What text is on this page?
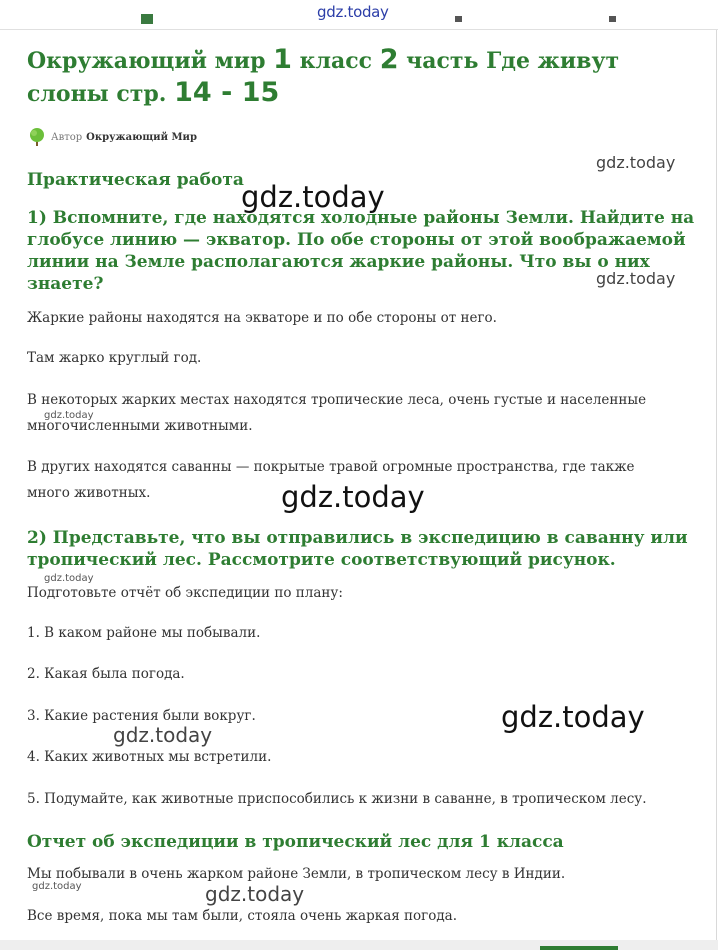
gdz.today
Окружающий мир 1 класс 2 часть Где живут слоны стр. 14 - 15
Автор Окружающий Мир
Практическая работа
1) Вспомните, где находятся холодные районы Земли. Найдите на глобусе линию — экватор. По обе стороны от этой воображаемой линии на Земле располагаются жаркие районы. Что вы о них знаете?

Жаркие районы находятся на экваторе и по обе стороны от него.

Там жарко круглый год.

В некоторых жарких местах находятся тропические леса, очень густые и населенные многочисленными животными.

В других находятся саванны — покрытые травой огромные пространства, где также много животных.

2) Представьте, что вы отправились в экспедицию в саванну или тропический лес. Рассмотрите соответствующий рисунок.

Подготовьте отчёт об экспедиции по плану:

1. В каком районе мы побывали.

2. Какая была погода.

3. Какие растения были вокруг.

4. Каких животных мы встретили.

5. Подумайте, как животные приспособились к жизни в саванне, в тропическом лесу.

Отчет об экспедиции в тропический лес для 1 класса

Мы побывали в очень жарком районе Земли, в тропическом лесу в Индии.

Все время, пока мы там были, стояла очень жаркая погода.

gdz.today
gdz.today
gdz.today
gdz.today
gdz.today
gdz.today
gdz.today
gdz.today
gdz.today	gdz.today
